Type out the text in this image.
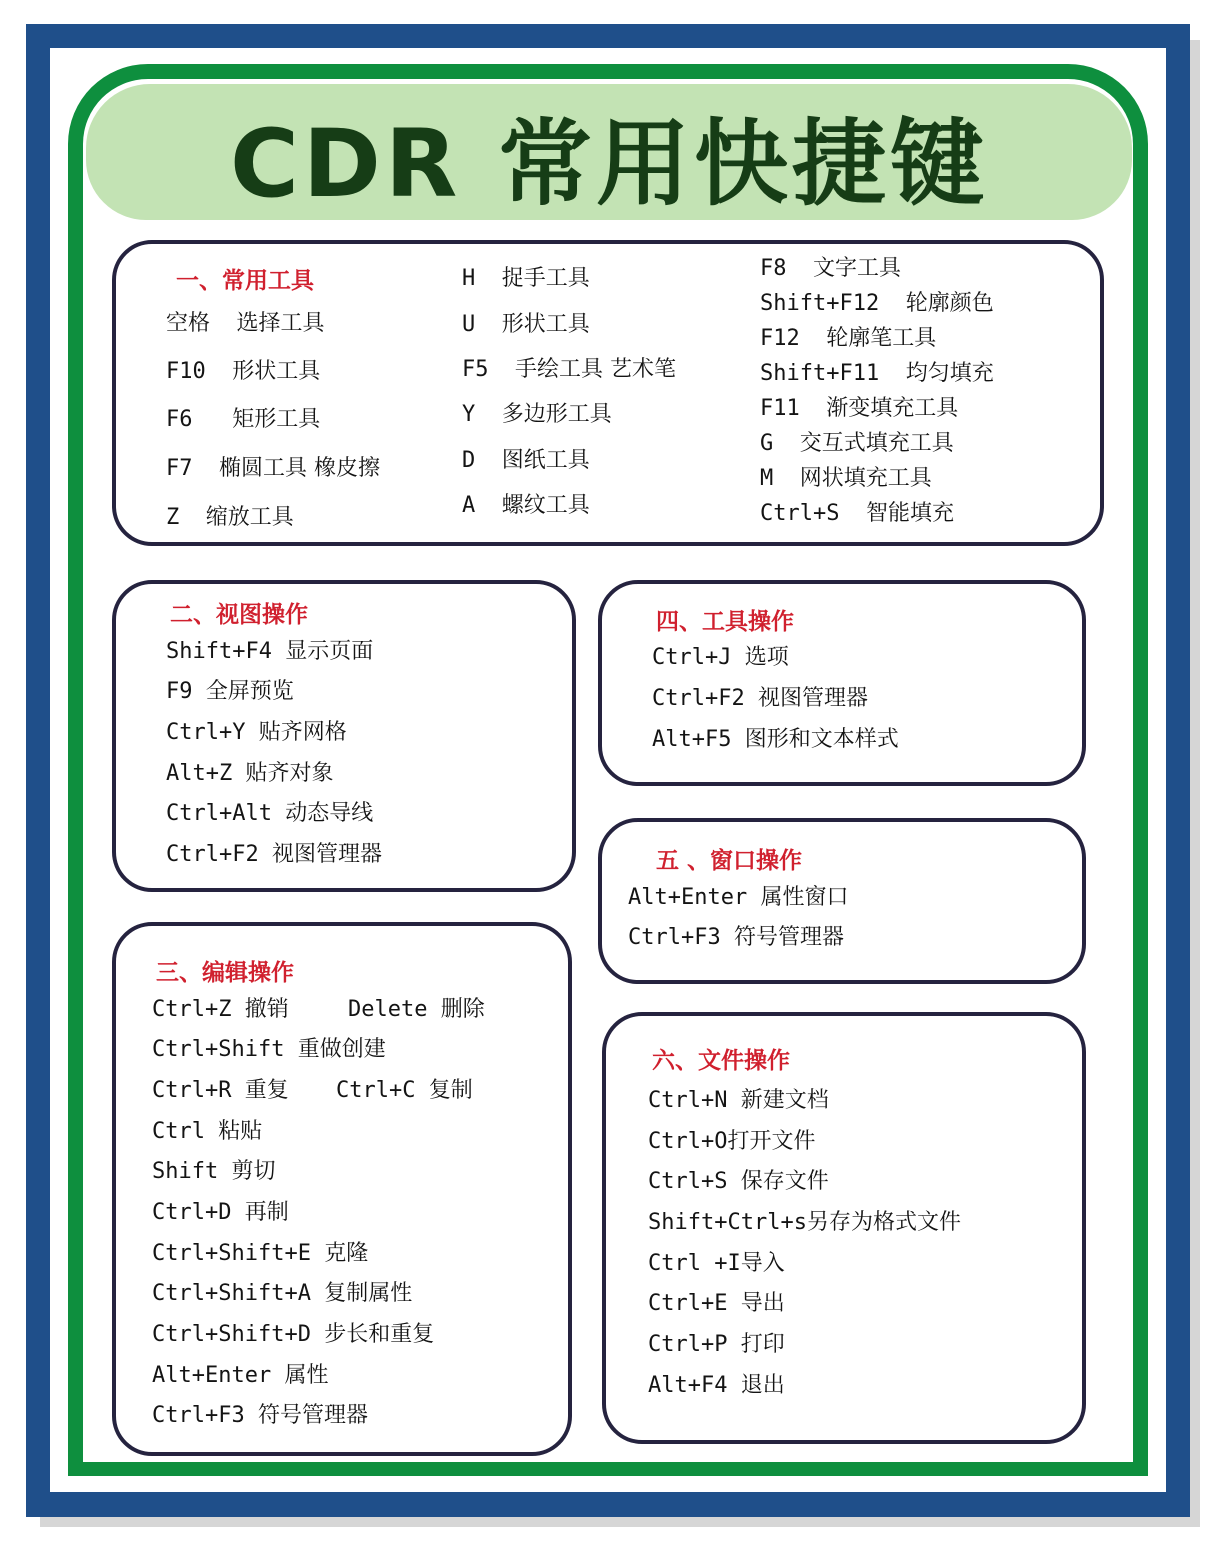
CDR 常用快捷键
一、常用工具
空格 选择工具
F10 形状工具
F6 矩形工具
F7 椭圆工具 橡皮擦
Z 缩放工具
H 捉手工具
U 形状工具
F5 手绘工具 艺术笔
Y 多边形工具
D 图纸工具
A 螺纹工具
F8 文字工具
Shift+F12 轮廓颜色
F12 轮廓笔工具
Shift+F11 均匀填充
F11 渐变填充工具
G 交互式填充工具
M 网状填充工具
Ctrl+S 智能填充
二、视图操作
Shift+F4 显示页面
F9 全屏预览
Ctrl+Y 贴齐网格
Alt+Z 贴齐对象
Ctrl+Alt 动态导线
Ctrl+F2 视图管理器
三、编辑操作
Ctrl+Z 撤销	Delete 删除
Ctrl+Shift 重做创建
Ctrl+R 重复 Ctrl+C 复制
Ctrl 粘贴
Shift 剪切
Ctrl+D 再制
Ctrl+Shift+E 克隆
Ctrl+Shift+A 复制属性
Ctrl+Shift+D 步长和重复
Alt+Enter 属性
Ctrl+F3 符号管理器
四、工具操作
Ctrl+J 选项
Ctrl+F2 视图管理器
Alt+F5 图形和文本样式
五 、窗口操作
Alt+Enter 属性窗口
Ctrl+F3 符号管理器
六、文件操作
Ctrl+N 新建文档
Ctrl+O打开文件
Ctrl+S 保存文件
Shift+Ctrl+s另存为格式文件
Ctrl +I导入
Ctrl+E 导出
Ctrl+P 打印
Alt+F4 退出
